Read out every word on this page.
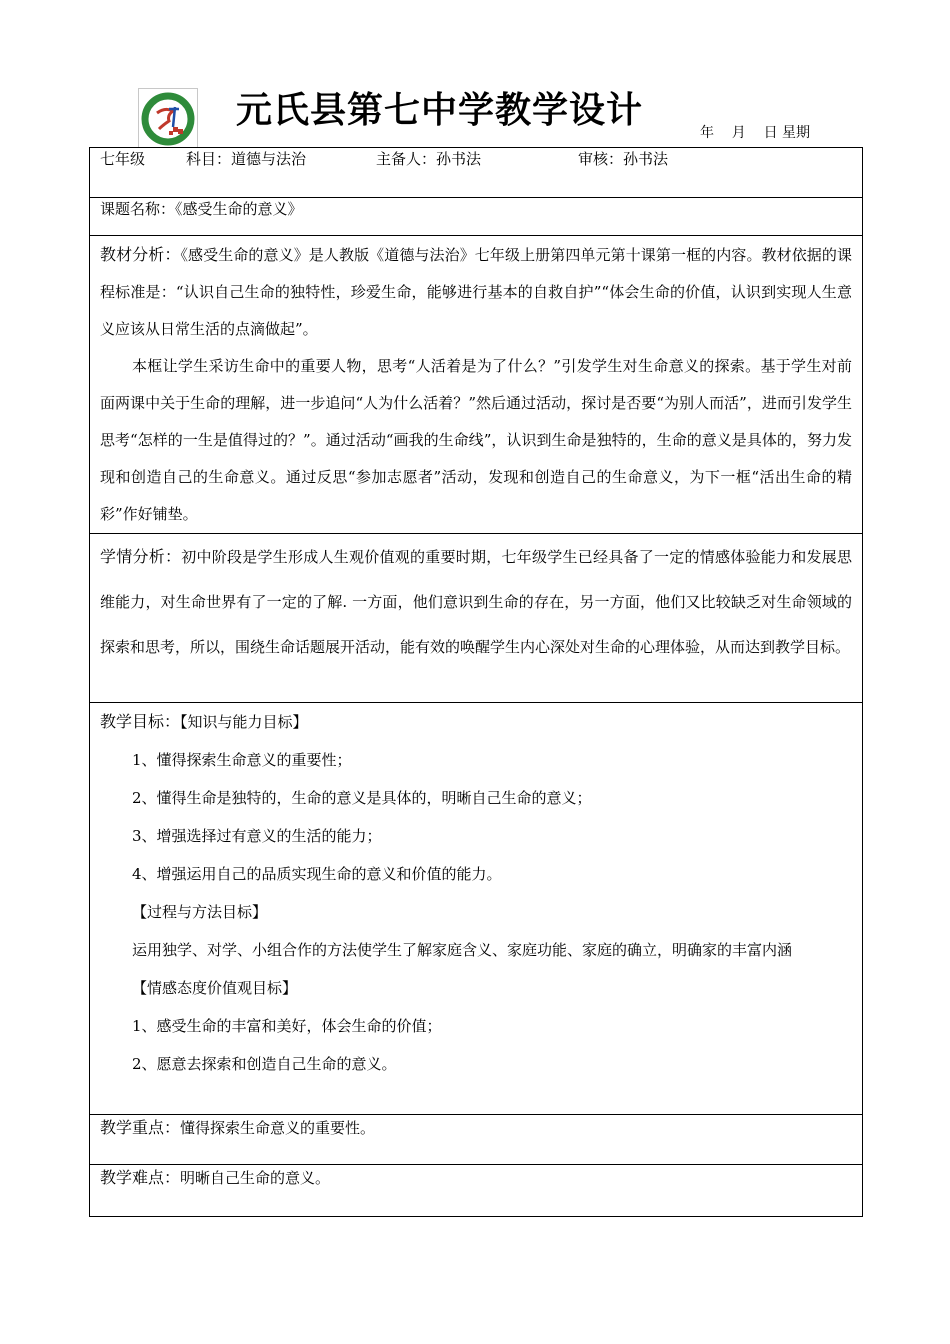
元氏县第七中学教学设计
年    月    日 星期
七年级	科目：道德与法治	主备人：孙书法	审核：孙书法
课题名称：《感受生命的意义》

教材分析：《感受生命的意义》是人教版《道德与法治》七年级上册第四单元第十课第一框的内容。教材依据的课程标准是：“认识自己生命的独特性，珍爱生命，能够进行基本的自救自护”“体会生命的价值，认识到实现人生意义应该从日常生活的点滴做起”。

本框让学生采访生命中的重要人物，思考“人活着是为了什么？”引发学生对生命意义的探索。基于学生对前面两课中关于生命的理解，进一步追问“人为什么活着？”然后通过活动，探讨是否要“为别人而活”，进而引发学生思考“怎样的一生是值得过的？”。通过活动“画我的生命线”，认识到生命是独特的，生命的意义是具体的，努力发现和创造自己的生命意义。通过反思“参加志愿者”活动，发现和创造自己的生命意义，为下一框“活出生命的精彩”作好铺垫。

学情分析：初中阶段是学生形成人生观价值观的重要时期，七年级学生已经具备了一定的情感体验能力和发展思维能力，对生命世界有了一定的了解. 一方面，他们意识到生命的存在，另一方面，他们又比较缺乏对生命领域的探索和思考，所以，围绕生命话题展开活动，能有效的唤醒学生内心深处对生命的心理体验，从而达到教学目标。

教学目标：【知识与能力目标】
1、懂得探索生命意义的重要性；
2、懂得生命是独特的，生命的意义是具体的，明晰自己生命的意义；
3、增强选择过有意义的生活的能力；
4、增强运用自己的品质实现生命的意义和价值的能力。
【过程与方法目标】
运用独学、对学、小组合作的方法使学生了解家庭含义、家庭功能、家庭的确立，明确家的丰富内涵
【情感态度价值观目标】
1、感受生命的丰富和美好，体会生命的价值；
2、愿意去探索和创造自己生命的意义。

教学重点：懂得探索生命意义的重要性。
教学难点：明晰自己生命的意义。
